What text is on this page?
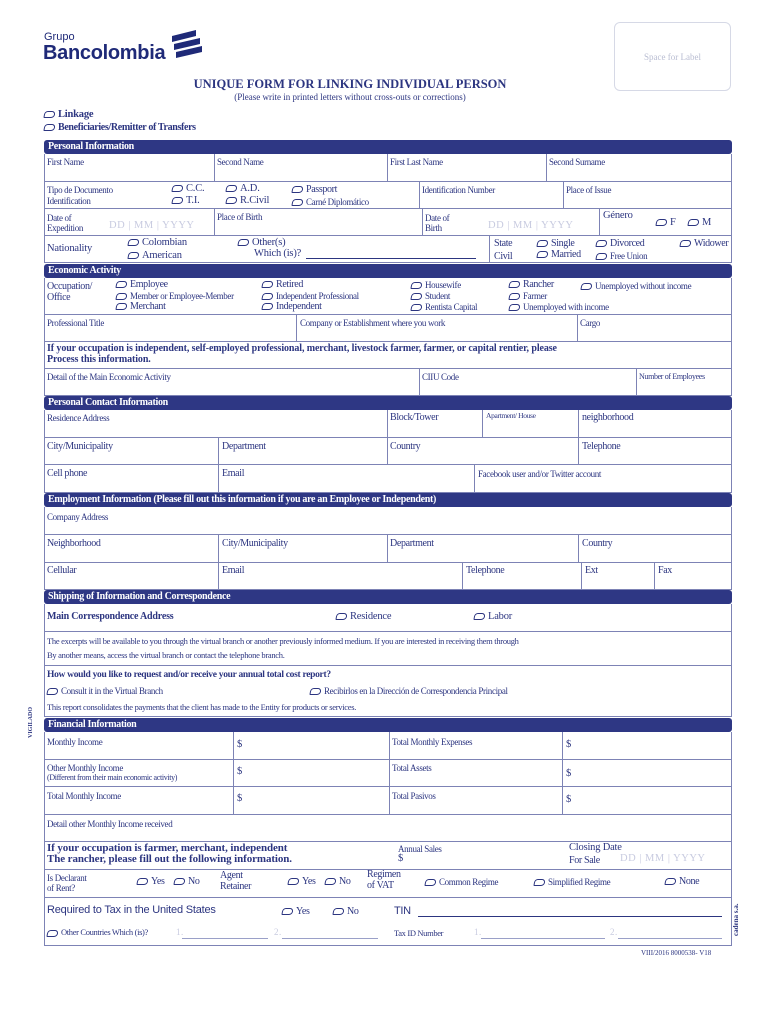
Grupo
Bancolombia	Space for Label
UNIQUE FORM FOR LINKING INDIVIDUAL PERSON
(Please write in printed letters without cross-outs or corrections)
Linkage
Beneficiaries/Remitter of Transfers
Personal Information
First Name	Second Name	First Last Name	Second Surname
Tipo de Documento
Identification
C.C.
T.I.
A.D.
R.Civil
Passport
Carné Diplomático
Identification Number	Place of Issue
Date of
Expedition DD | MM | YYYY
Place of Birth	Date of
Birth	DD | MM | YYYY
Género
F	M
Nationality
Colombian
American
Other(s)
Which (is)?
State
Civil
Single
Married
Divorced
Free Union
Widower
Economic Activity
Occupation/
Office
Employee
Member or Employee-Member
Merchant
Retired
Independent Professional
Independent
Housewife
Student
Rentista Capital
Rancher
Farmer
Unemployed with income
Unemployed without income
Professional Title	Company or Establishment where you work	Cargo
If your occupation is independent, self-employed professional, merchant, livestock farmer, farmer, or capital rentier, please
Process this information.
Detail of the Main Economic Activity	CIIU Code	Number of Employees
Personal Contact Information
Residence Address	Block/Tower	Apartment/ House	neighborhood
City/Municipality	Department	Country	Telephone
Cell phone	Email	Facebook user and/or Twitter account
Employment Information (Please fill out this information if you are an Employee or Independent)
Company Address
Neighborhood	City/Municipality	Department	Country
Cellular	Email	Telephone	Ext	Fax
Shipping of Information and Correspondence
Main Correspondence Address	Residence	Labor
The excerpts will be available to you through the virtual branch or another previously informed medium. If you are interested in receiving them through
By another means, access the virtual branch or contact the telephone branch.
How would you like to request and/or receive your annual total cost report?
Consult it in the Virtual Branch	Recibirlos en la Dirección de Correspondencia Principal
This report consolidates the payments that the client has made to the Entity for products or services.
Financial Information
Monthly Income	$	Total Monthly Expenses	$
Other Monthly Income
(Different from their main economic activity)
$	Total Assets	$
Total Monthly Income	$	Total Pasivos	$
Detail other Monthly Income received
If your occupation is farmer, merchant, independent
The rancher, please fill out the following information.
Annual Sales
$
Closing Date
For Sale DD | MM | YYYY
Is Declarant
of Rent?
Yes	No
Agent
Retainer	Yes	No
Regimen
of VAT	Common Regime	Simplified Regime	None
Required to Tax in the United States	Yes	No	TIN
Other Countries Which (is)?	1.	2.	Tax ID Number	1.	2.
VIII/2016 8000538- V18
cadena s.a.
VIGILADO
